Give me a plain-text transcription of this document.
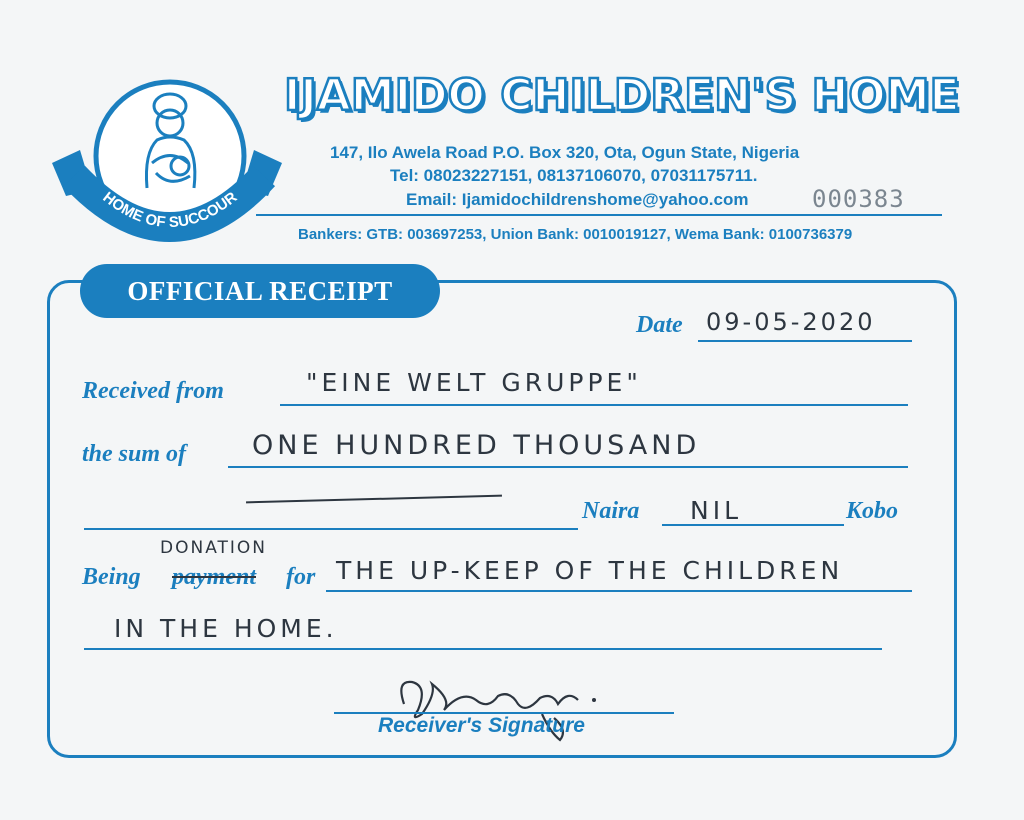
HOME OF SUCCOUR
IJAMIDO CHILDREN'S HOME
147, Ilo Awela Road P.O. Box 320, Ota, Ogun State, Nigeria
Tel: 08023227151, 08137106070, 07031175711.
Email: Ijamidochildrenshome@yahoo.com	000383
Bankers: GTB: 003697253, Union Bank: 0010019127, Wema Bank: 0100736379
OFFICIAL RECEIPT
Date 09-05-2020
Received from	"EINE WELT GRUPPE"
the sum of ONE HUNDRED THOUSAND
Naira NIL	Kobo
DONATION
Being payment for THE UP-KEEP OF THE CHILDREN
IN THE HOME.
Receiver's Signature
